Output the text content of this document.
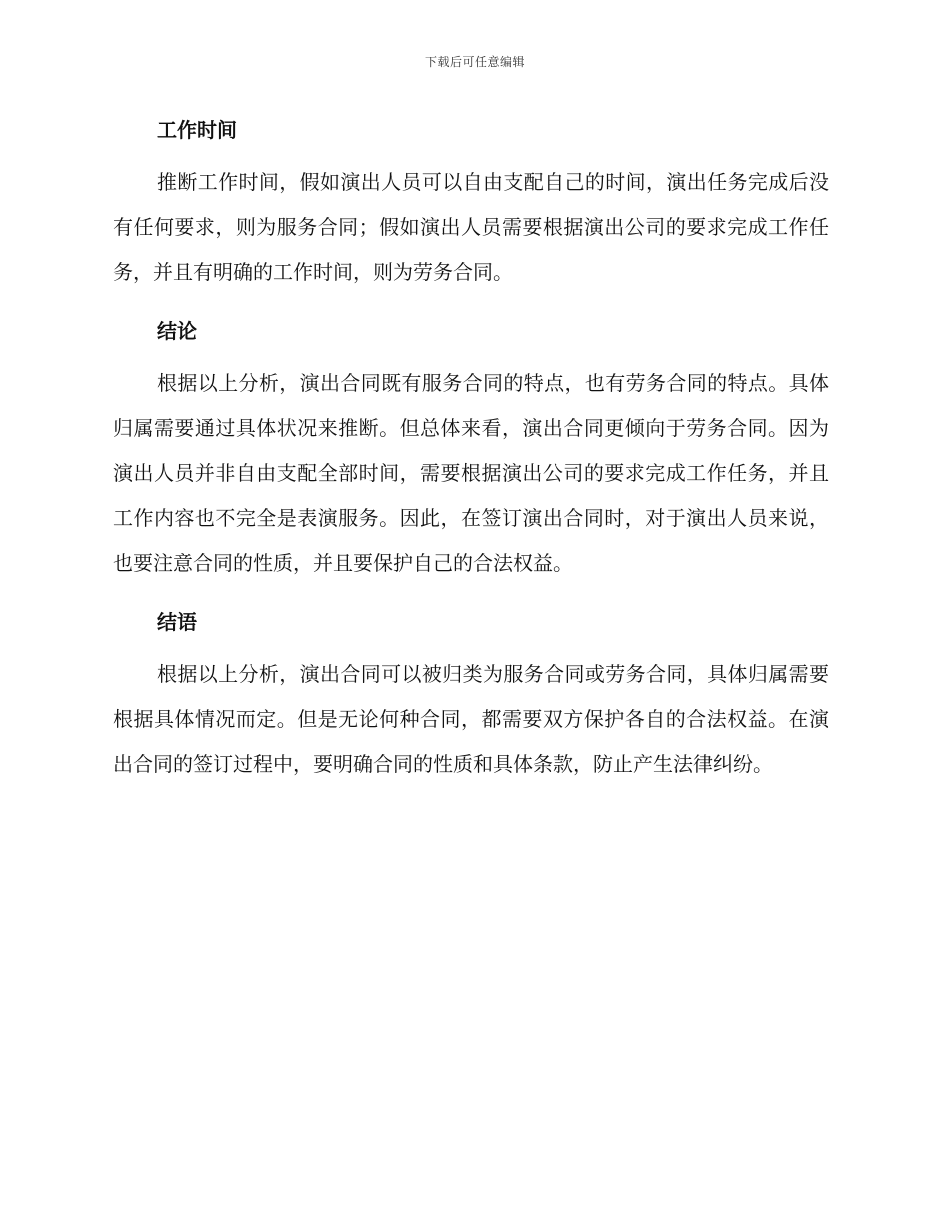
下载后可任意编辑
工作时间

推断工作时间，假如演出人员可以自由支配自己的时间，演出任务完成后没有任何要求，则为服务合同；假如演出人员需要根据演出公司的要求完成工作任务，并且有明确的工作时间，则为劳务合同。

结论

根据以上分析，演出合同既有服务合同的特点，也有劳务合同的特点。具体归属需要通过具体状况来推断。但总体来看，演出合同更倾向于劳务合同。因为演出人员并非自由支配全部时间，需要根据演出公司的要求完成工作任务，并且工作内容也不完全是表演服务。因此，在签订演出合同时，对于演出人员来说，也要注意合同的性质，并且要保护自己的合法权益。

结语

根据以上分析，演出合同可以被归类为服务合同或劳务合同，具体归属需要根据具体情况而定。但是无论何种合同，都需要双方保护各自的合法权益。在演出合同的签订过程中，要明确合同的性质和具体条款，防止产生法律纠纷。
